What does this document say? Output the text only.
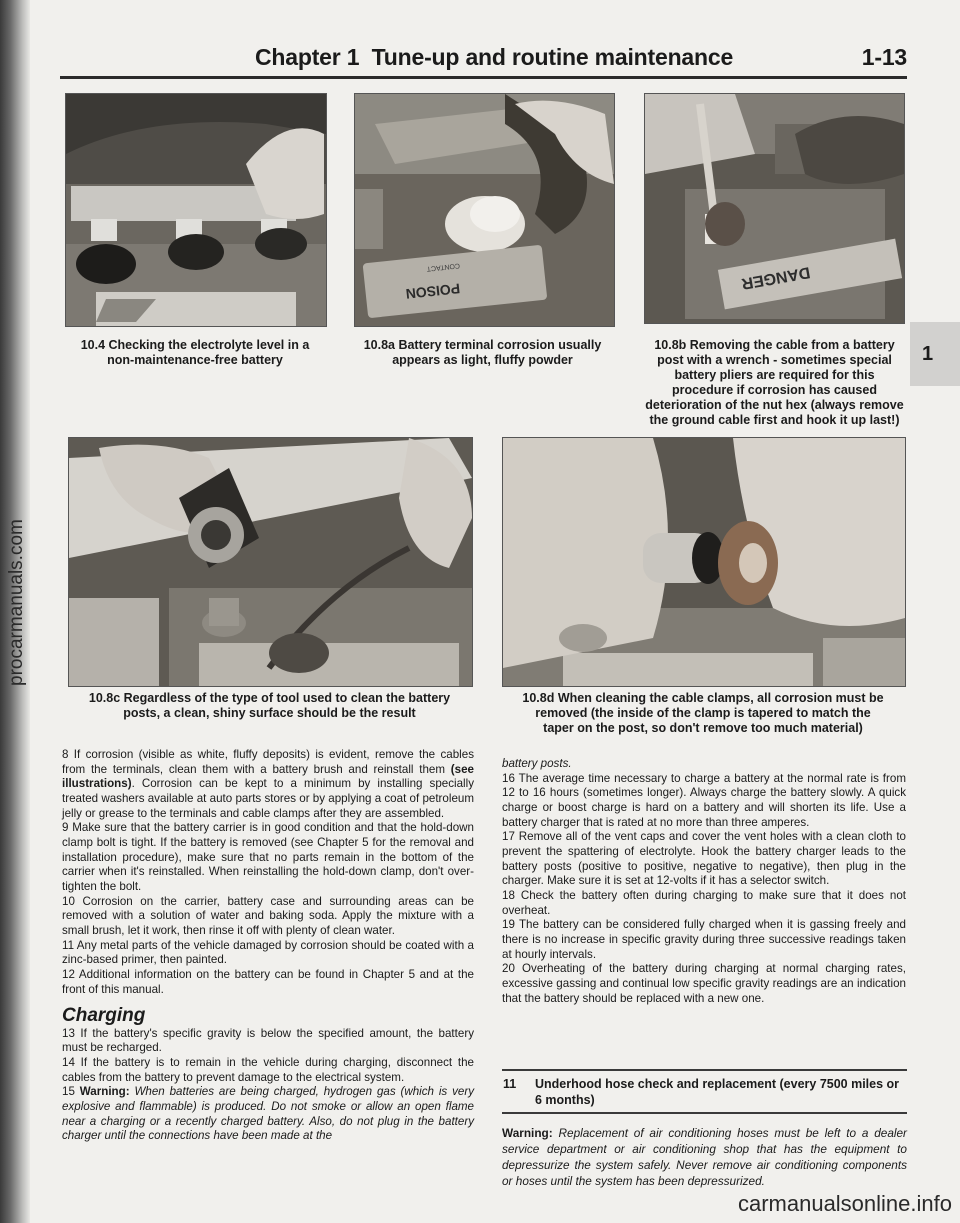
procarmanuals.com
Chapter 1  Tune-up and routine maintenance	1-13
1
POISON
CONTACT	DANGER
10.4 Checking the electrolyte level in a
non-maintenance-free battery
10.8a Battery terminal corrosion usually
appears as light, fluffy powder
10.8b Removing the cable from a battery
post with a wrench - sometimes special
battery pliers are required for this
procedure if corrosion has caused
deterioration of the nut hex (always remove
the ground cable first and hook it up last!)
10.8c Regardless of the type of tool used to clean the battery
posts, a clean, shiny surface should be the result
10.8d When cleaning the cable clamps, all corrosion must be
removed (the inside of the clamp is tapered to match the
taper on the post, so don't remove too much material)

8 If corrosion (visible as white, fluffy deposits) is evident, remove the cables from the terminals, clean them with a battery brush and reinstall them (see illustrations). Corrosion can be kept to a minimum by installing specially treated washers available at auto parts stores or by applying a coat of petroleum jelly or grease to the terminals and cable clamps after they are assembled.

9 Make sure that the battery carrier is in good condition and that the hold-down clamp bolt is tight. If the battery is removed (see Chapter 5 for the removal and installation procedure), make sure that no parts remain in the bottom of the carrier when it's reinstalled. When reinstalling the hold-down clamp, don't over-tighten the bolt.

10 Corrosion on the carrier, battery case and surrounding areas can be removed with a solution of water and baking soda. Apply the mixture with a small brush, let it work, then rinse it off with plenty of clean water.

11 Any metal parts of the vehicle damaged by corrosion should be coated with a zinc-based primer, then painted.

12 Additional information on the battery can be found in Chapter 5 and at the front of this manual.

Charging

13 If the battery's specific gravity is below the specified amount, the battery must be recharged.

14 If the battery is to remain in the vehicle during charging, disconnect the cables from the battery to prevent damage to the electrical system.

15 Warning: When batteries are being charged, hydrogen gas (which is very explosive and flammable) is produced. Do not smoke or allow an open flame near a charging or a recently charged battery. Also, do not plug in the battery charger until the connections have been made at the

battery posts.

16 The average time necessary to charge a battery at the normal rate is from 12 to 16 hours (sometimes longer). Always charge the battery slowly. A quick charge or boost charge is hard on a battery and will shorten its life. Use a battery charger that is rated at no more than three amperes.

17 Remove all of the vent caps and cover the vent holes with a clean cloth to prevent the spattering of electrolyte. Hook the battery charger leads to the battery posts (positive to positive, negative to negative), then plug in the charger. Make sure it is set at 12-volts if it has a selector switch.

18 Check the battery often during charging to make sure that it does not overheat.

19 The battery can be considered fully charged when it is gassing freely and there is no increase in specific gravity during three successive readings taken at hourly intervals.

20 Overheating of the battery during charging at normal charging rates, excessive gassing and continual low specific gravity readings are an indication that the battery should be replaced with a new one.

11 Underhood hose check and replacement (every 7500 miles or
6 months)
Warning: Replacement of air conditioning hoses must be left to a dealer service department or air conditioning shop that has the equipment to depressurize the system safely. Never remove air conditioning components or hoses until the system has been depressurized.
carmanualsonline.info
